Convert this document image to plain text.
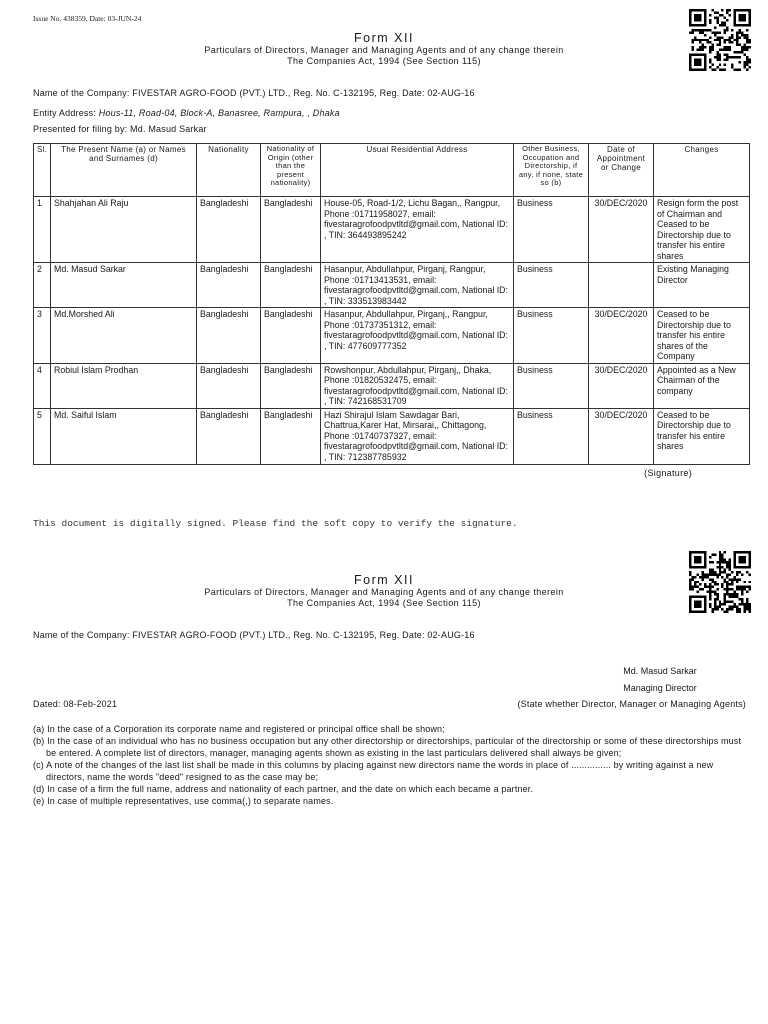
Issue No. 438359, Date: 03-JUN-24
Form XII
Particulars of Directors, Manager and Managing Agents and of any change therein
The Companies Act, 1994 (See Section 115)
Name of the Company: FIVESTAR AGRO-FOOD (PVT.) LTD., Reg. No. C-132195, Reg. Date: 02-AUG-16
Entity Address: Hous-11, Road-04, Block-A, Banasree, Rampura, , Dhaka
Presented for filing by: Md. Masud Sarkar
Sl.	The Present Name (a) or Names and Surnames (d)	Nationality	Nationality of Origin (other than the present nationality)	Usual Residential Address	Other Business, Occupation and Directorship, if any, if none, state so (b)	Date of Appointment or Change	Changes
1	Shahjahan Ali Raju	Bangladeshi	Bangladeshi	House-05, Road-1/2, Lichu Bagan,, Rangpur, Phone :01711958027, email: fivestaragrofoodpvtltd@gmail.com, National ID: , TIN: 364493895242	Business	30/DEC/2020	Resign form the post of Chairman and Ceased to be Directorship due to transfer his entire shares
2	Md. Masud Sarkar	Bangladeshi	Bangladeshi	Hasanpur, Abdullahpur, Pirganj, Rangpur, Phone :01713413531, email: fivestaragrofoodpvtltd@gmail.com, National ID: , TIN: 333513983442	Business		Existing Managing Director
3	Md.Morshed Ali	Bangladeshi	Bangladeshi	Hasanpur, Abdullahpur, Pirganj,, Rangpur, Phone :01737351312, email: fivestaragrofoodpvtltd@gmail.com, National ID: , TIN: 477609777352	Business	30/DEC/2020	Ceased to be Directorship due to transfer his entire shares of the Company
4	Robiul Islam Prodhan	Bangladeshi	Bangladeshi	Rowshonpur, Abdullahpur, Pirganj,, Dhaka, Phone :01820532475, email: fivestaragrofoodpvtltd@gmail.com, National ID: , TIN: 742168531709	Business	30/DEC/2020	Appointed as a New Chairman of the company
5	Md. Saiful Islam	Bangladeshi	Bangladeshi	Hazi Shirajul Islam Sawdagar Bari, Chattrua,Karer Hat, Mirsarai,, Chittagong, Phone :01740737327, email: fivestaragrofoodpvtltd@gmail.com, National ID: , TIN: 712387785932	Business	30/DEC/2020	Ceased to be Directorship due to transfer his entire shares
(Signature)
This document is digitally signed. Please find the soft copy to verify the signature.
Form XII
Particulars of Directors, Manager and Managing Agents and of any change therein
The Companies Act, 1994 (See Section 115)
Name of the Company: FIVESTAR AGRO-FOOD (PVT.) LTD., Reg. No. C-132195, Reg. Date: 02-AUG-16
Md. Masud Sarkar
Managing Director
Dated: 08-Feb-2021	(State whether Director, Manager or Managing Agents)
(a) In the case of a Corporation its corporate name and registered or principal office shall be shown;
(b) In the case of an individual who has no business occupation but any other directorship or directorships, particular of the directorship or some of these directorships must be entered. A complete list of directors, manager, managing agents shown as existing in the last particulars delivered shall always be given;
(c) A note of the changes of the last list shall be made in this columns by placing against new directors name the words in place of ............... by writing against a new directors, name the words "deed" resigned to as the case may be;
(d) In case of a firm the full name, address and nationality of each partner, and the date on which each became a partner.
(e) In case of multiple representatives, use comma(,) to separate names.
